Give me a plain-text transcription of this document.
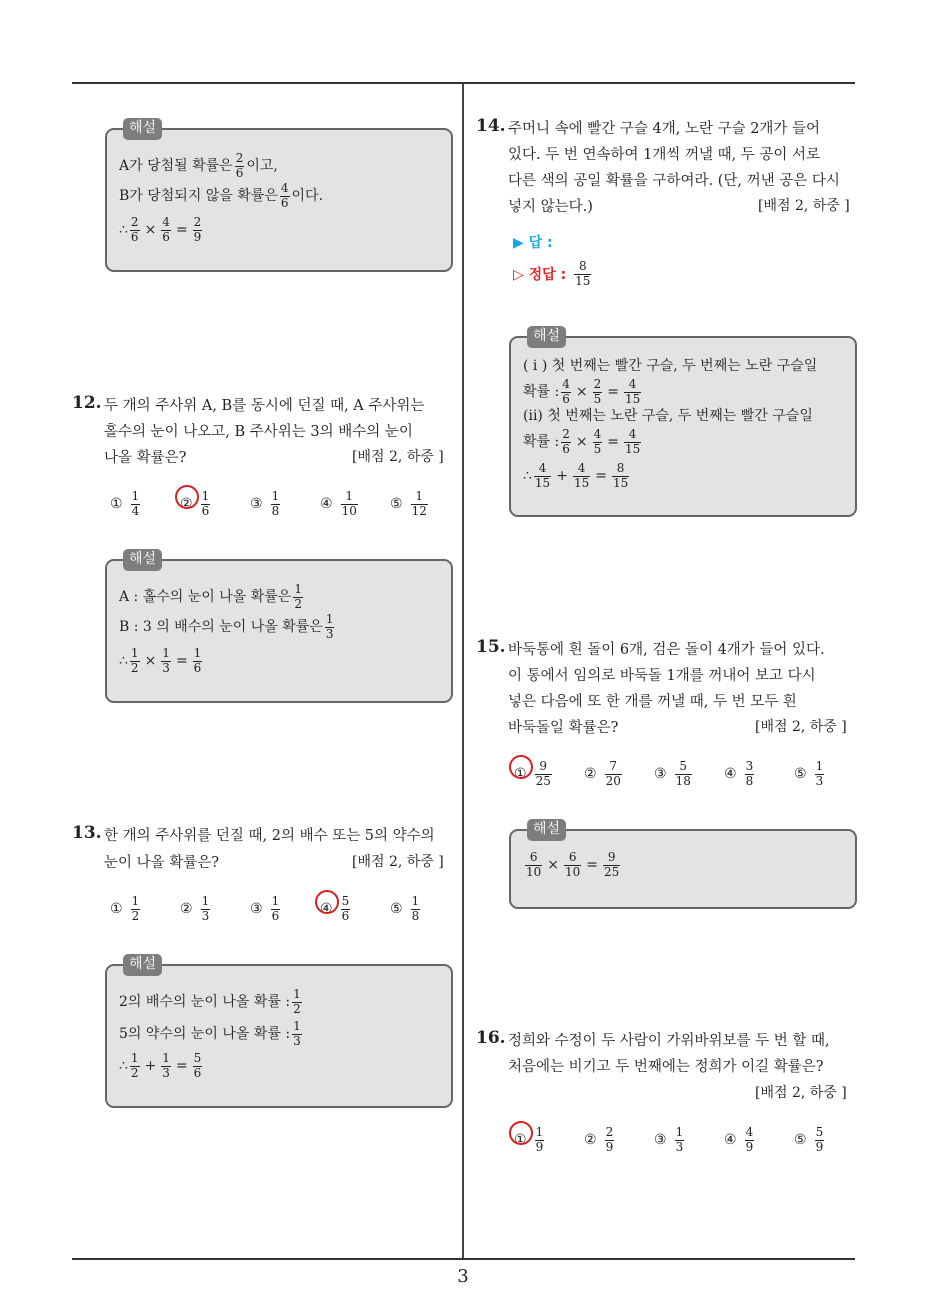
해설
A가 당첨될 확률은 $\frac{2}{6}$ 이고,
B가 당첨되지 않을 확률은 $\frac{4}{6}$ 이다.
∴ $\frac{2}{6} \times \frac{4}{6} = \frac{2}{9}$
12. 두 개의 주사위 A, B를 동시에 던질 때, A 주사위는
홀수의 눈이 나오고, B 주사위는 3의 배수의 눈이
나올 확률은?	[배점 2, 하중 ]
① $\frac{1}{4}$	② $\frac{1}{6}$	③ $\frac{1}{8}$	④ $\frac{1}{10}$ ⑤ $\frac{1}{12}$
해설
A : 홀수의 눈이 나올 확률은 $\frac{1}{2}$
B : 3 의 배수의 눈이 나올 확률은 $\frac{1}{3}$
∴ $\frac{1}{2} \times \frac{1}{3} = \frac{1}{6}$
13. 한 개의 주사위를 던질 때, 2의 배수 또는 5의 약수의
눈이 나올 확률은?	[배점 2, 하중 ]
① $\frac{1}{2}$	② $\frac{1}{3}$	③ $\frac{1}{6}$	④ $\frac{5}{6}$	⑤ $\frac{1}{8}$
해설
2의 배수의 눈이 나올 확률 : $\frac{1}{2}$
5의 약수의 눈이 나올 확률 : $\frac{1}{3}$
∴ $\frac{1}{2} + \frac{1}{3} = \frac{5}{6}$
14. 주머니 속에 빨간 구슬 4개, 노란 구슬 2개가 들어
있다. 두 번 연속하여 1개씩 꺼낼 때, 두 공이 서로
다른 색의 공일 확률을 구하여라. (단, 꺼낸 공은 다시
넣지 않는다.)	[배점 2, 하중 ]
▶ 답 :
▷ 정답 : $\frac{8}{15}$
해설
( i ) 첫 번째는 빨간 구슬, 두 번째는 노란 구슬일
확률 : $\frac{4}{6} \times \frac{2}{5} = \frac{4}{15}$
(ii) 첫 번째는 노란 구슬, 두 번째는 빨간 구슬일
확률 : $\frac{2}{6} \times \frac{4}{5} = \frac{4}{15}$
∴ $\frac{4}{15} + \frac{4}{15} = \frac{8}{15}$
15. 바둑통에 흰 돌이 6개, 검은 돌이 4개가 들어 있다.
이 통에서 임의로 바둑돌 1개를 꺼내어 보고 다시
넣은 다음에 또 한 개를 꺼낼 때, 두 번 모두 흰
바둑돌일 확률은?	[배점 2, 하중 ]
① $\frac{9}{25}$ ② $\frac{7}{20}$ ③ $\frac{5}{18}$ ④ $\frac{3}{8}$	⑤ $\frac{1}{3}$
해설
$\frac{6}{10} \times \frac{6}{10} = \frac{9}{25}$
16. 정희와 수정이 두 사람이 가위바위보를 두 번 할 때,
처음에는 비기고 두 번째에는 정희가 이길 확률은?
[배점 2, 하중 ]
① $\frac{1}{9}$	② $\frac{2}{9}$	③ $\frac{1}{3}$	④ $\frac{4}{9}$	⑤ $\frac{5}{9}$
3
